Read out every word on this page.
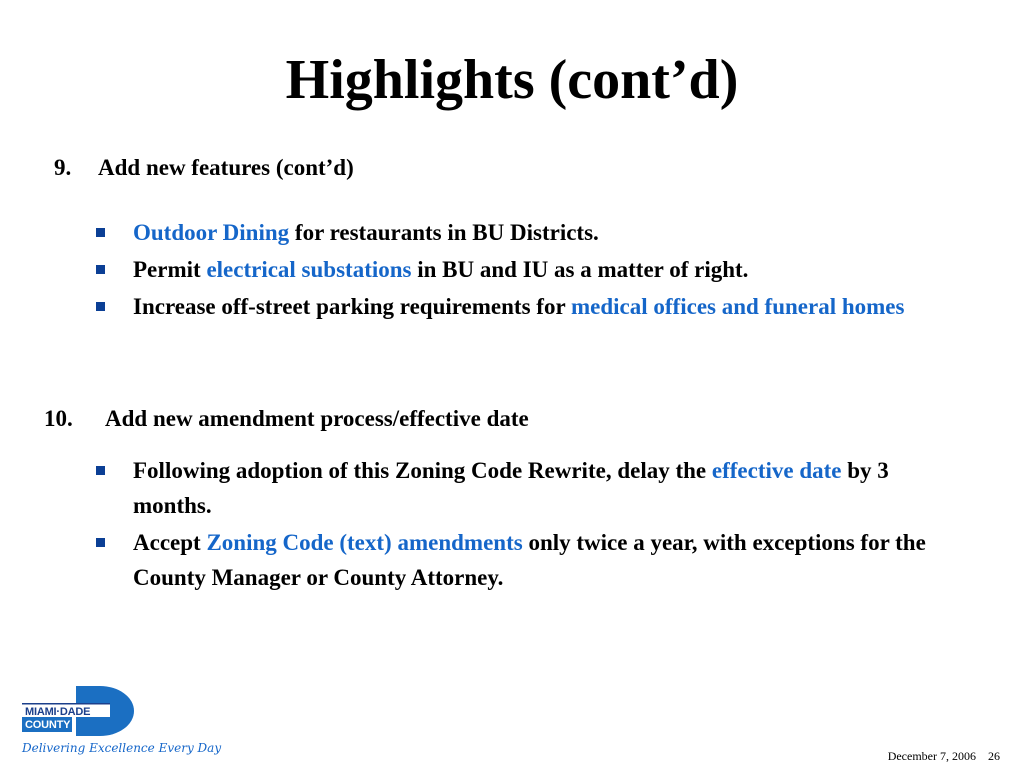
Highlights (cont’d)
9. Add new features (cont’d)
Outdoor Dining for restaurants in BU Districts.
Permit electrical substations in BU and IU as a matter of right.
Increase off-street parking requirements for medical offices and funeral homes
10. Add new amendment process/effective date
Following adoption of this Zoning Code Rewrite, delay the effective date by 3 months.
Accept Zoning Code (text) amendments only twice a year, with exceptions for the County Manager or County Attorney.
MIAMI·DADE
COUNTY
Delivering Excellence Every Day
December 7, 2006 26
